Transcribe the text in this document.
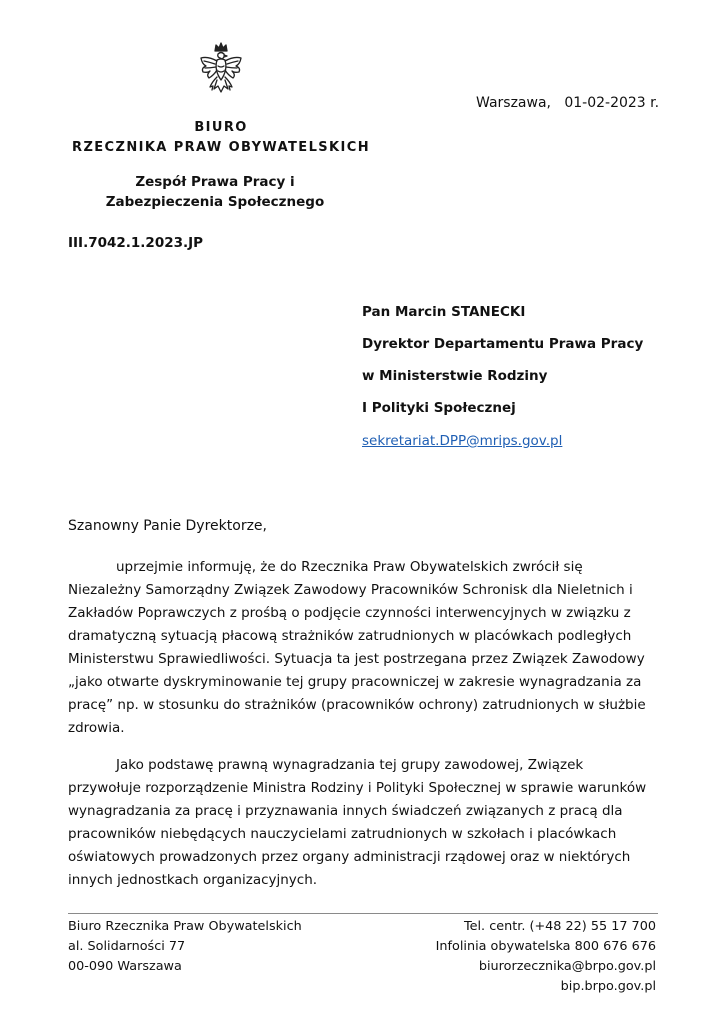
Warszawa,   01-02-2023 r.
BIURO
RZECZNIKA PRAW OBYWATELSKICH
Zespół Prawa Pracy i Zabezpieczenia Społecznego
III.7042.1.2023.JP
Pan Marcin STANECKI
Dyrektor Departamentu Prawa Pracy
w Ministerstwie Rodziny
I Polityki Społecznej
sekretariat.DPP@mrips.gov.pl
Szanowny Panie Dyrektorze,

uprzejmie informuję, że do Rzecznika Praw Obywatelskich zwrócił się Niezależny Samorządny Związek Zawodowy Pracowników Schronisk dla Nieletnich i Zakładów Poprawczych z prośbą o podjęcie czynności interwencyjnych w związku z dramatyczną sytuacją płacową strażników zatrudnionych w placówkach podległych Ministerstwu Sprawiedliwości. Sytuacja ta jest postrzegana przez Związek Zawodowy „jako otwarte dyskryminowanie tej grupy pracowniczej w zakresie wynagradzania za pracę” np. w stosunku do strażników (pracowników ochrony) zatrudnionych w służbie zdrowia.

Jako podstawę prawną wynagradzania tej grupy zawodowej, Związek przywołuje rozporządzenie Ministra Rodziny i Polityki Społecznej w sprawie warunków wynagradzania za pracę i przyznawania innych świadczeń związanych z pracą dla pracowników niebędących nauczycielami zatrudnionych w szkołach i placówkach oświatowych prowadzonych przez organy administracji rządowej oraz w niektórych innych jednostkach organizacyjnych.

Biuro Rzecznika Praw Obywatelskich
al. Solidarności 77
00-090 Warszawa
Tel. centr. (+48 22) 55 17 700
Infolinia obywatelska 800 676 676
biurorzecznika@brpo.gov.pl
bip.brpo.gov.pl
